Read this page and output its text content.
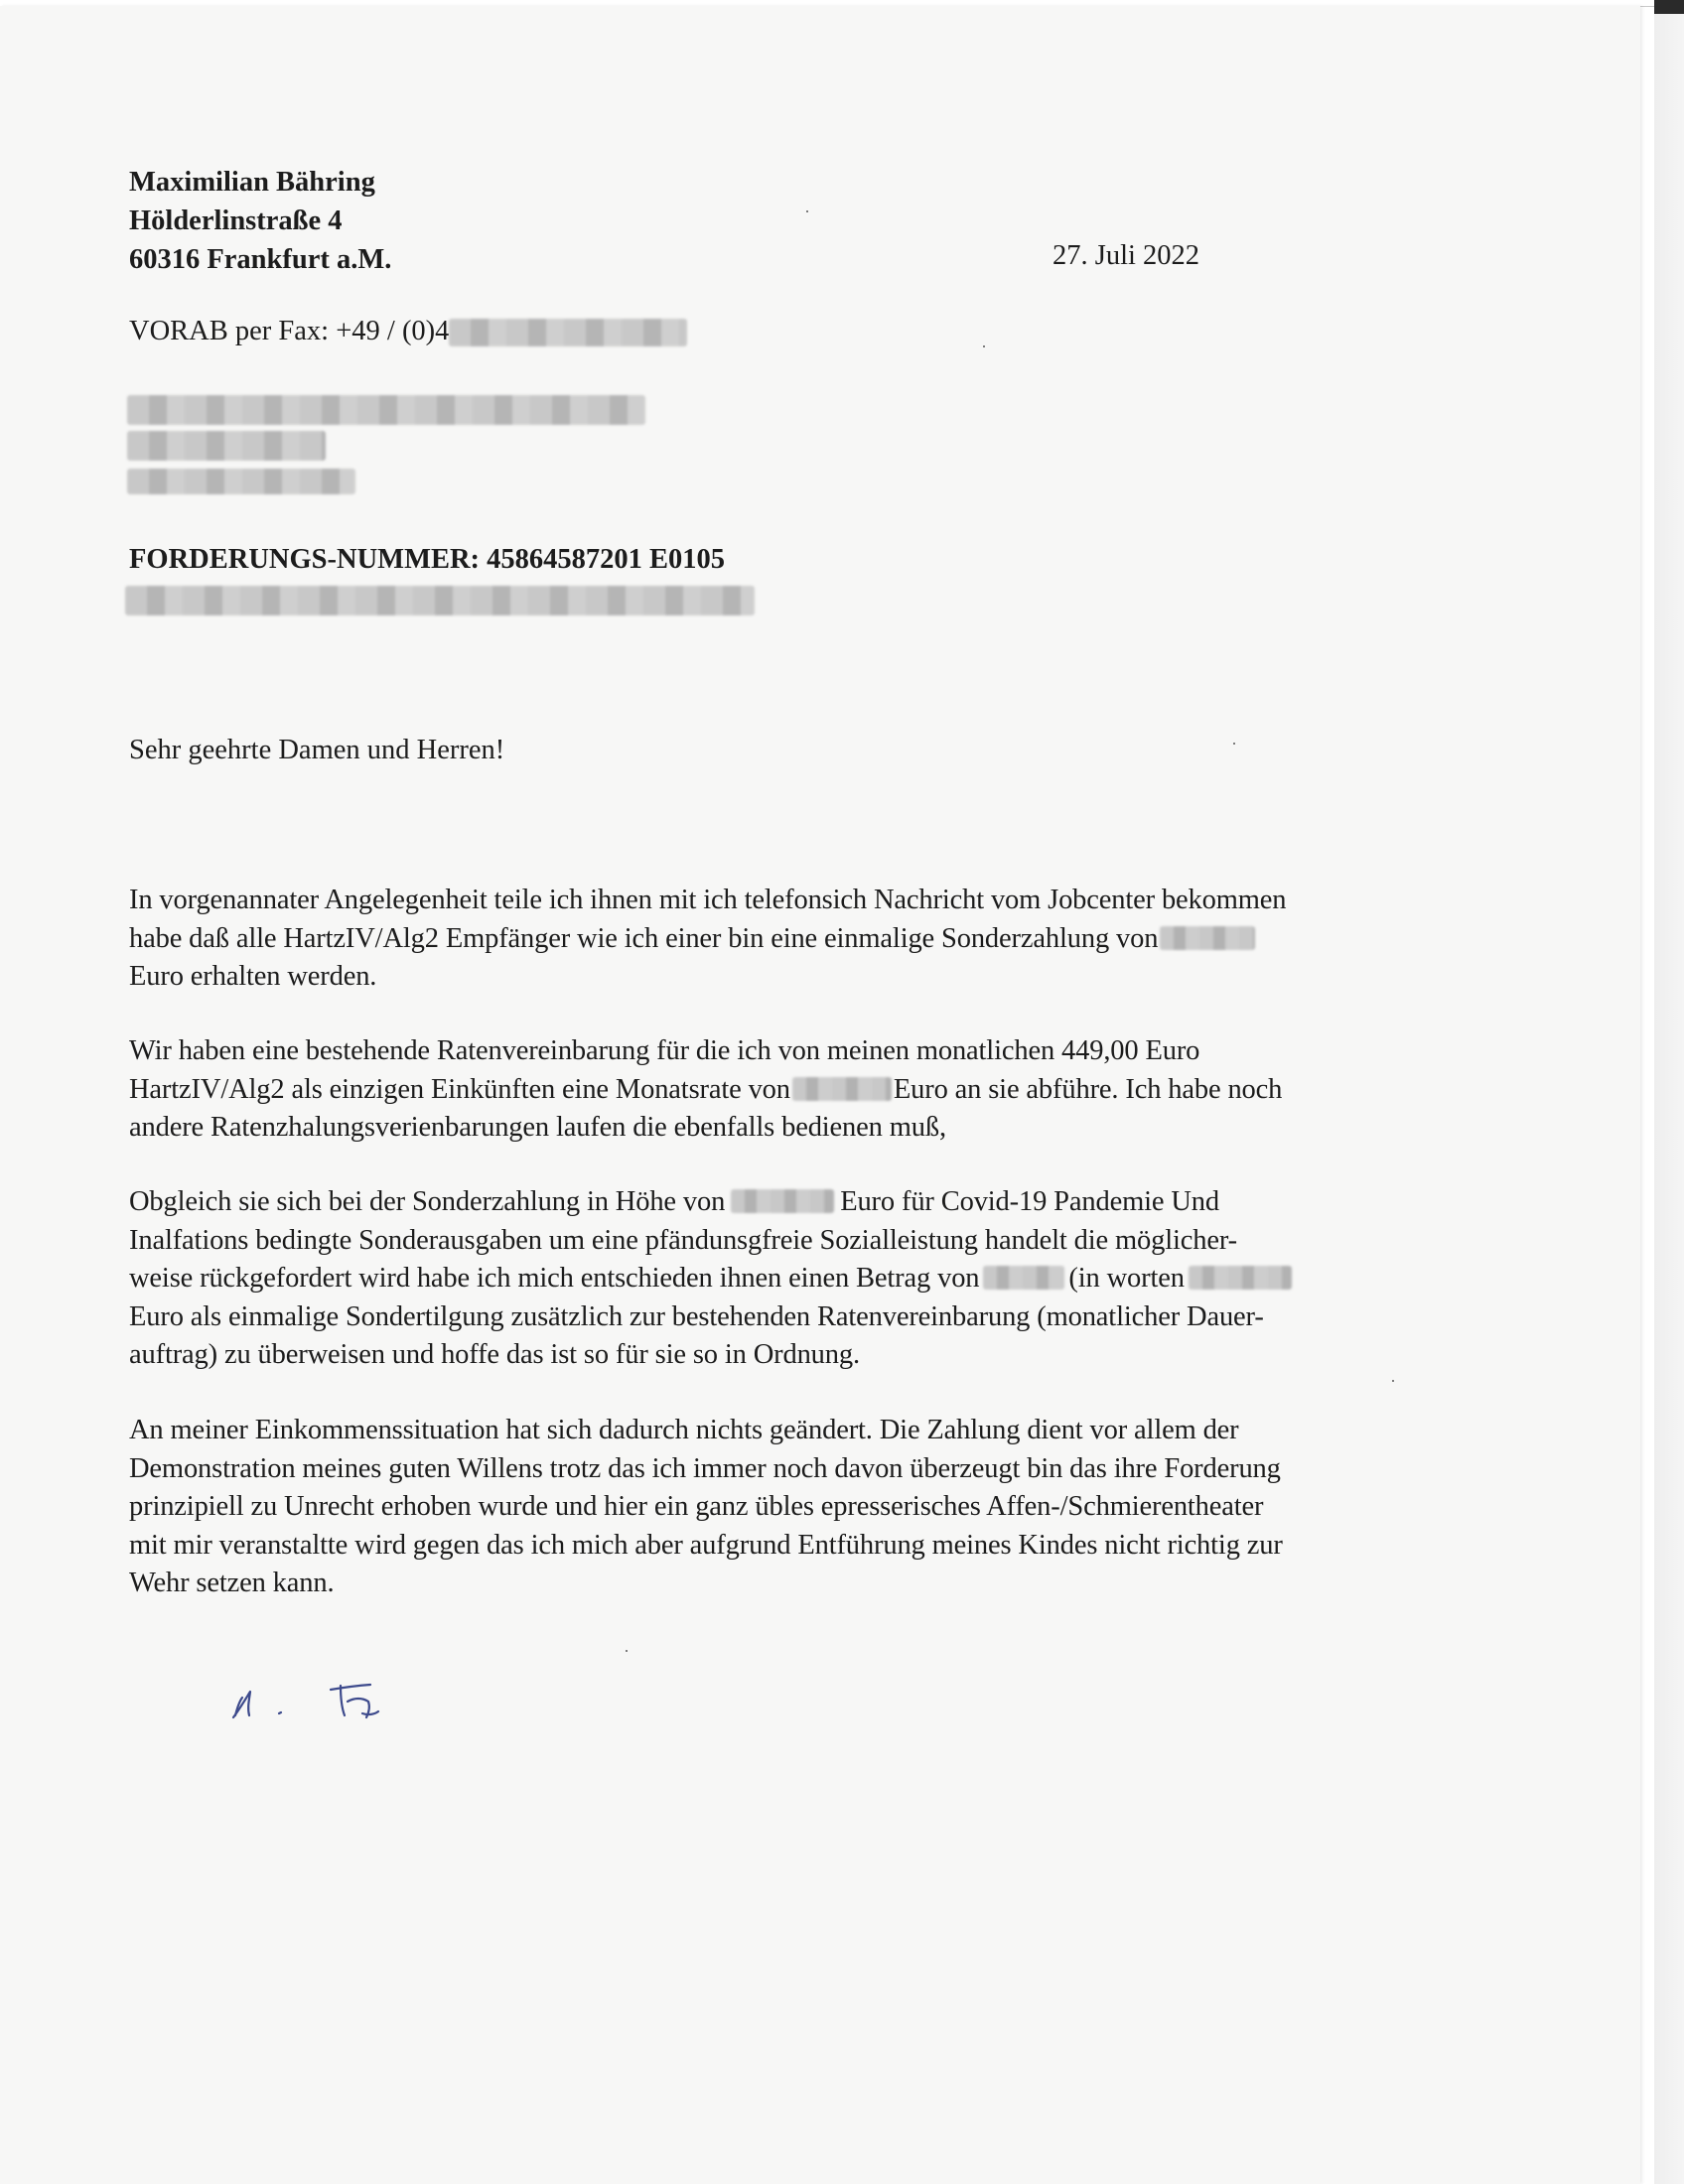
Maximilian Bähring
Hölderlinstraße 4
60316 Frankfurt a.M.	27. Juli 2022
VORAB per Fax: +49 / (0)4
FORDERUNGS-NUMMER: 45864587201 E0105
Sehr geehrte Damen und Herren!
In vorgenannater Angelegenheit teile ich ihnen mit ich telefonsich Nachricht vom Jobcenter bekommen
habe daß alle HartzIV/Alg2 Empfänger wie ich einer bin eine einmalige Sonderzahlung von
Euro erhalten werden.
Wir haben eine bestehende Ratenvereinbarung für die ich von meinen monatlichen 449,00 Euro
HartzIV/Alg2 als einzigen Einkünften eine Monatsrate von	Euro an sie abführe. Ich habe noch
andere Ratenzhalungsverienbarungen laufen die ebenfalls bedienen muß,
Obgleich sie sich bei der Sonderzahlung in Höhe von	Euro für Covid-19 Pandemie Und
Inalfations bedingte Sonderausgaben um eine pfändunsgfreie Sozialleistung handelt die möglicher-
weise rückgefordert wird habe ich mich entschieden ihnen einen Betrag von	(in worten
Euro als einmalige Sondertilgung zusätzlich zur bestehenden Ratenvereinbarung (monatlicher Dauer-
auftrag) zu überweisen und hoffe das ist so für sie so in Ordnung.
An meiner Einkommenssituation hat sich dadurch nichts geändert. Die Zahlung dient vor allem der
Demonstration meines guten Willens trotz das ich immer noch davon überzeugt bin das ihre Forderung
prinzipiell zu Unrecht erhoben wurde und hier ein ganz übles epresserisches Affen-/Schmierentheater
mit mir veranstaltte wird gegen das ich mich aber aufgrund Entführung meines Kindes nicht richtig zur
Wehr setzen kann.
